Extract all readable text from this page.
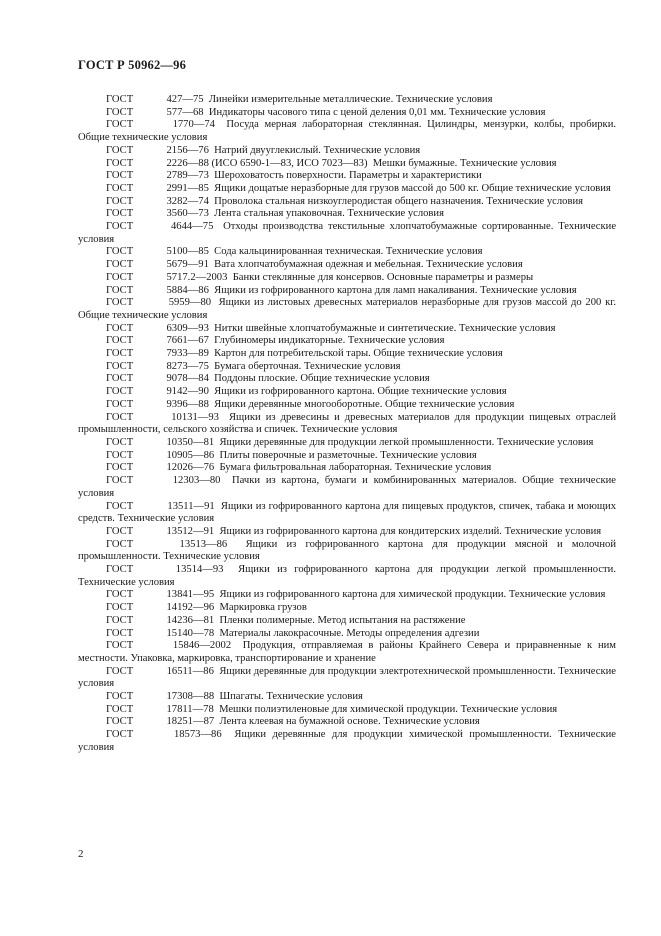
ГОСТ Р 50962—96

ГОСТ	427—75 Линейки измерительные металлические. Технические условия

ГОСТ	577—68 Индикаторы часового типа с ценой деления 0,01 мм. Технические условия

ГОСТ	1770—74 Посуда мерная лабораторная стеклянная. Цилиндры, мензурки, колбы, пробирки. Общие технические условия

ГОСТ	2156—76 Натрий двууглекислый. Технические условия

ГОСТ	2226—88 (ИСО 6590-1—83, ИСО 7023—83) Мешки бумажные. Технические условия

ГОСТ	2789—73 Шероховатость поверхности. Параметры и характеристики

ГОСТ	2991—85 Ящики дощатые неразборные для грузов массой до 500 кг. Общие технические условия

ГОСТ	3282—74 Проволока стальная низкоуглеродистая общего назначения. Технические условия

ГОСТ	3560—73 Лента стальная упаковочная. Технические условия

ГОСТ	4644—75 Отходы производства текстильные хлопчатобумажные сортированные. Технические условия

ГОСТ	5100—85 Сода кальцинированная техническая. Технические условия

ГОСТ	5679—91 Вата хлопчатобумажная одежная и мебельная. Технические условия

ГОСТ	5717.2—2003 Банки стеклянные для консервов. Основные параметры и размеры

ГОСТ	5884—86 Ящики из гофрированного картона для ламп накаливания. Технические условия

ГОСТ	5959—80 Ящики из листовых древесных материалов неразборные для грузов массой до 200 кг. Общие технические условия

ГОСТ	6309—93 Нитки швейные хлопчатобумажные и синтетические. Технические условия

ГОСТ	7661—67 Глубиномеры индикаторные. Технические условия

ГОСТ	7933—89 Картон для потребительской тары. Общие технические условия

ГОСТ	8273—75 Бумага оберточная. Технические условия

ГОСТ	9078—84 Поддоны плоские. Общие технические условия

ГОСТ	9142—90 Ящики из гофрированного картона. Общие технические условия

ГОСТ	9396—88 Ящики деревянные многооборотные. Общие технические условия

ГОСТ	10131—93 Ящики из древесины и древесных материалов для продукции пищевых отраслей промышленности, сельского хозяйства и спичек. Технические условия

ГОСТ	10350—81 Ящики деревянные для продукции легкой промышленности. Технические условия

ГОСТ	10905—86 Плиты поверочные и разметочные. Технические условия

ГОСТ	12026—76 Бумага фильтровальная лабораторная. Технические условия

ГОСТ	12303—80 Пачки из картона, бумаги и комбинированных материалов. Общие технические условия

ГОСТ	13511—91 Ящики из гофрированного картона для пищевых продуктов, спичек, табака и моющих средств. Технические условия

ГОСТ	13512—91 Ящики из гофрированного картона для кондитерских изделий. Технические условия

ГОСТ	13513—86 Ящики из гофрированного картона для продукции мясной и молочной промышленности. Технические условия

ГОСТ	13514—93 Ящики из гофрированного картона для продукции легкой промышленности. Технические условия

ГОСТ	13841—95 Ящики из гофрированного картона для химической продукции. Технические условия

ГОСТ	14192—96 Маркировка грузов

ГОСТ	14236—81 Пленки полимерные. Метод испытания на растяжение

ГОСТ	15140—78 Материалы лакокрасочные. Методы определения адгезии

ГОСТ	15846—2002 Продукция, отправляемая в районы Крайнего Севера и приравненные к ним местности. Упаковка, маркировка, транспортирование и хранение

ГОСТ	16511—86 Ящики деревянные для продукции электротехнической промышленности. Технические условия

ГОСТ	17308—88 Шпагаты. Технические условия

ГОСТ	17811—78 Мешки полиэтиленовые для химической продукции. Технические условия

ГОСТ	18251—87 Лента клеевая на бумажной основе. Технические условия

ГОСТ	18573—86 Ящики деревянные для продукции химической промышленности. Технические условия

2
